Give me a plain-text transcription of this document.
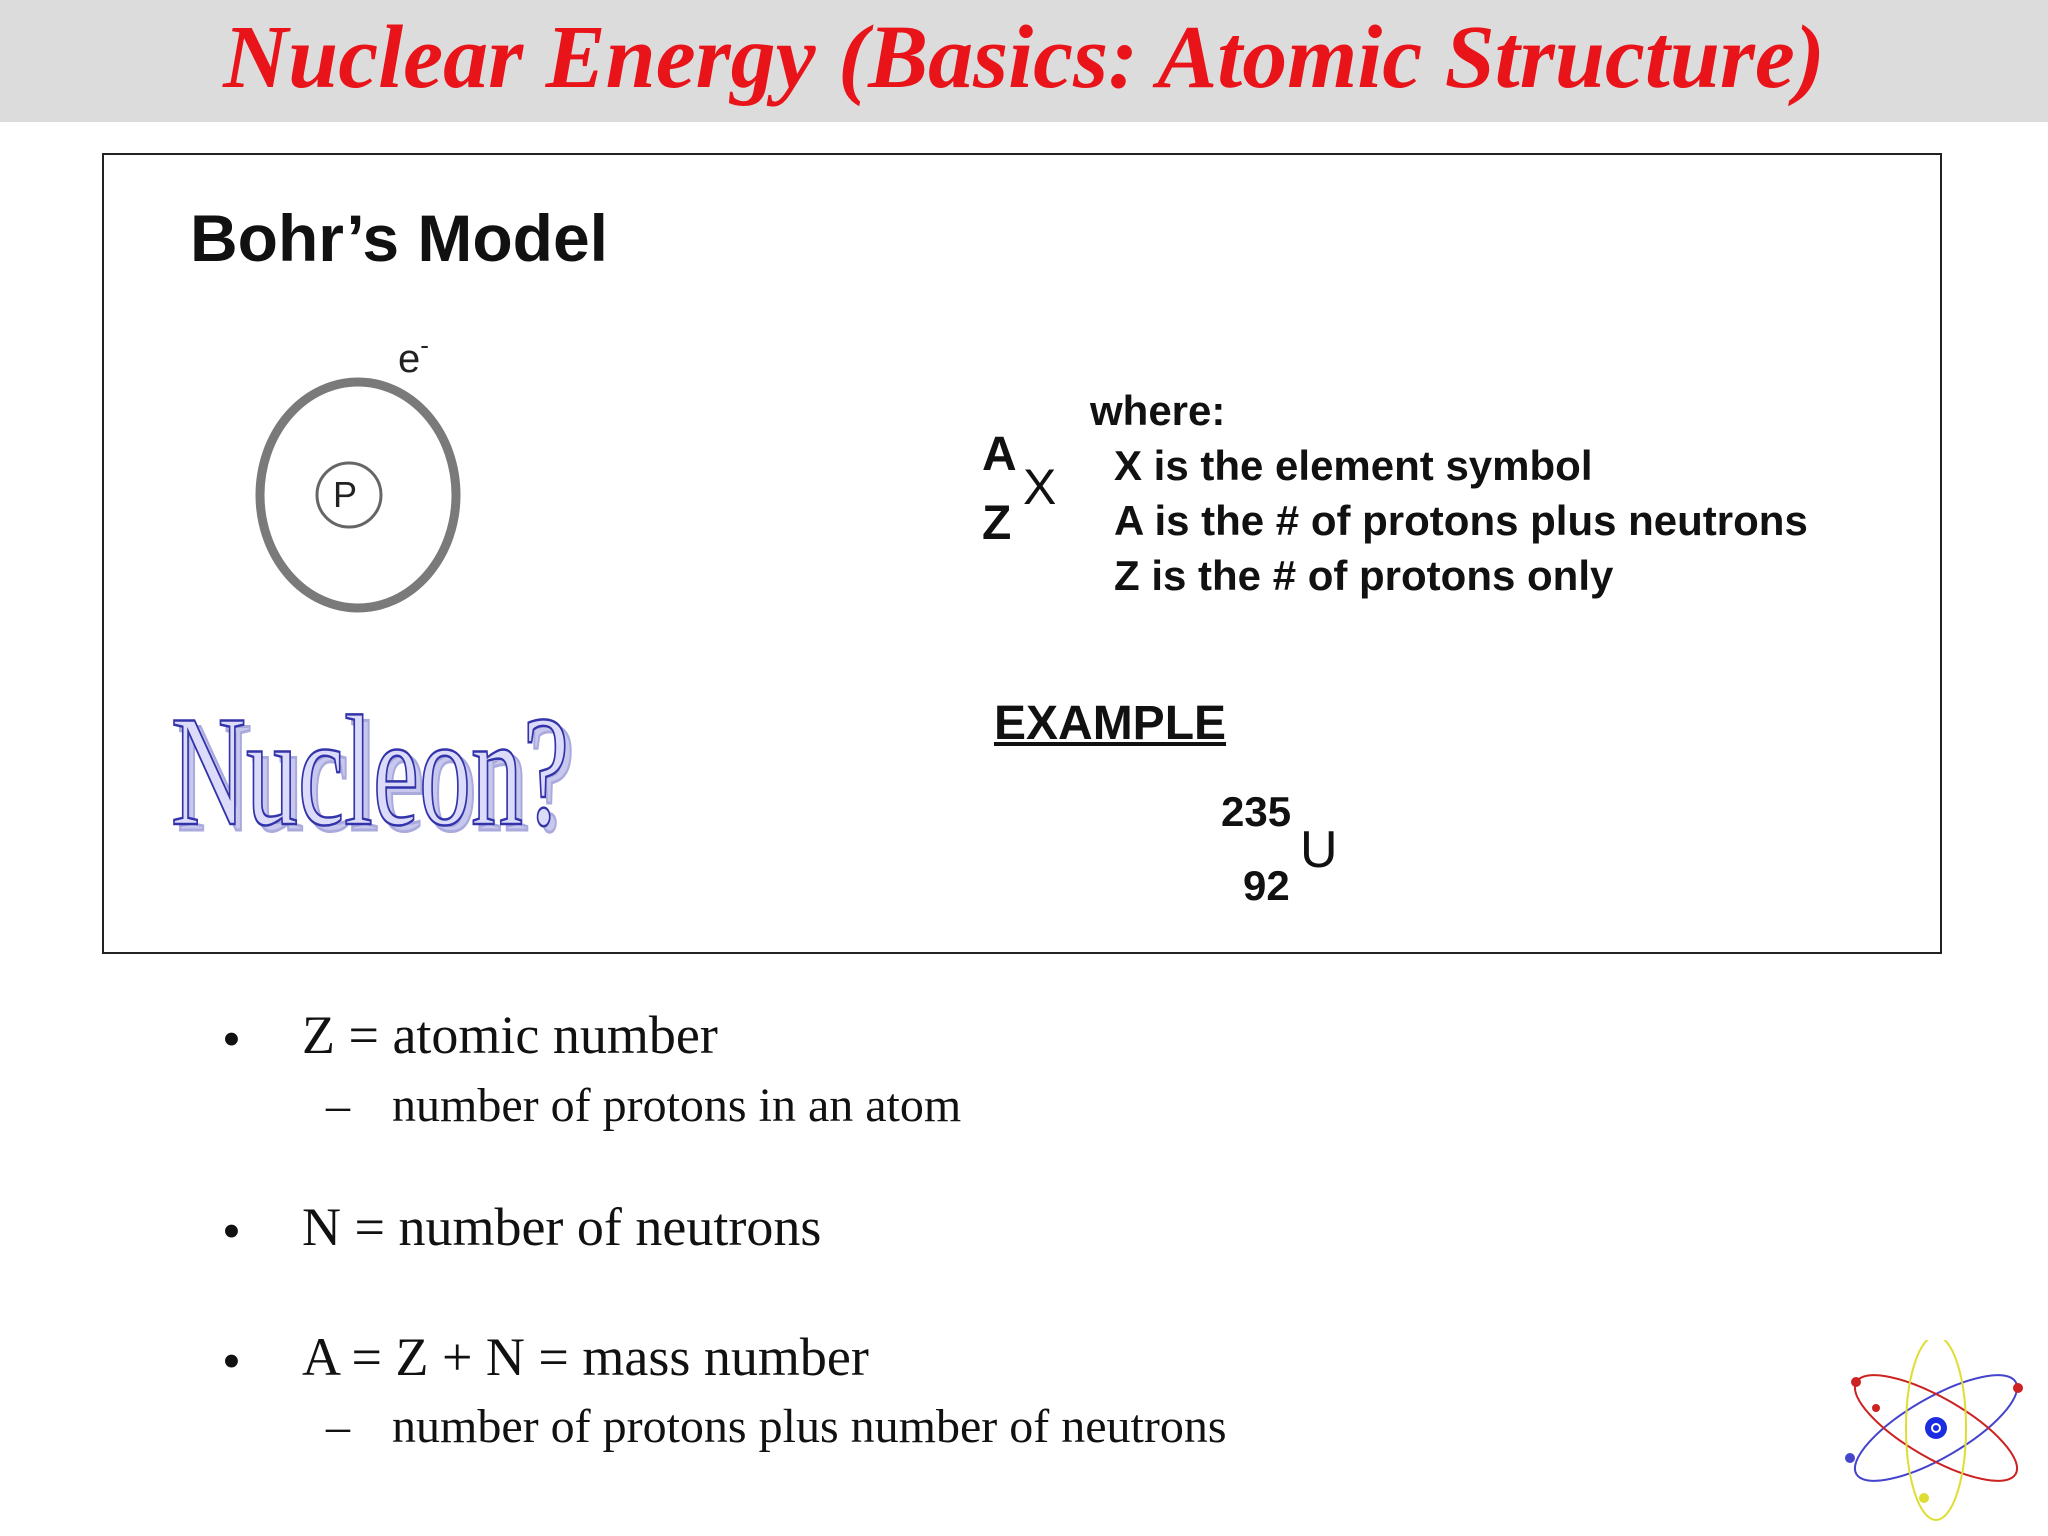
Nuclear Energy (Basics: Atomic Structure)
Bohr’s Model
e-
P
Nucleon?
Nucleon?
A
Z
X
where:
X is the element symbol
A is the # of protons plus neutrons
Z is the # of protons only
EXAMPLE
235
92
U
• Z = atomic number
– number of protons in an atom
• N = number of neutrons
• A = Z + N = mass number
– number of protons plus number of neutrons
